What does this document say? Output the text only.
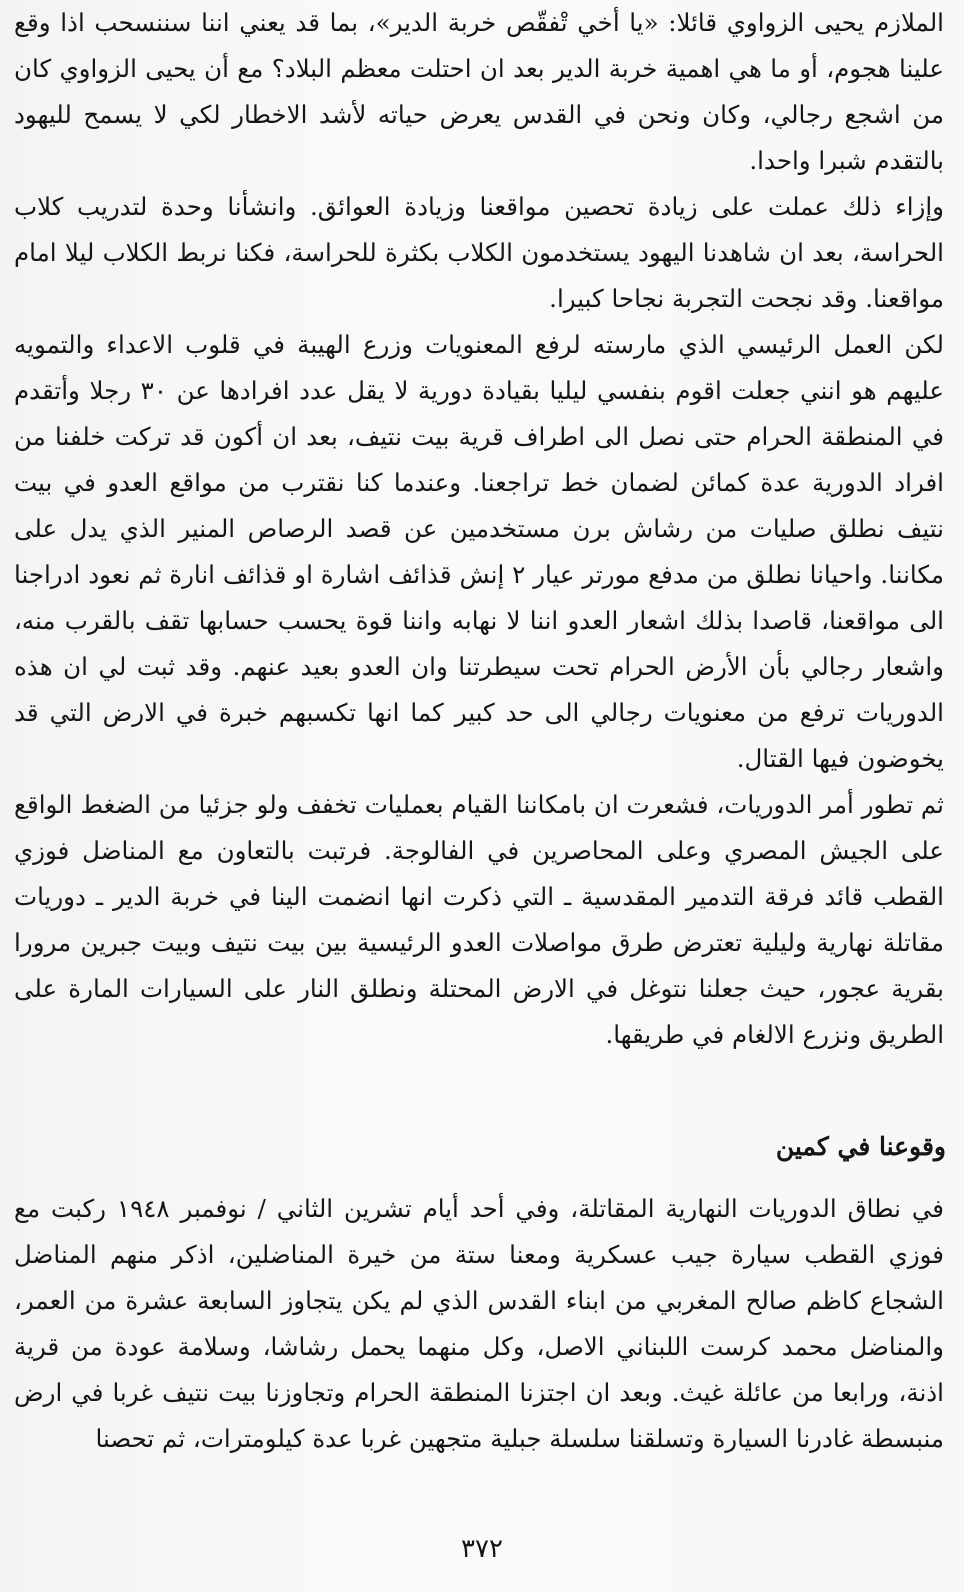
الملازم يحيى الزواوي قائلا: «يا أخي تْفقّص خربة الدير»، بما قد يعني اننا سننسحب اذا وقع علينا هجوم، أو ما هي اهمية خربة الدير بعد ان احتلت معظم البلاد؟ مع أن يحيى الزواوي كان من اشجع رجالي، وكان ونحن في القدس يعرض حياته لأشد الاخطار لكي لا يسمح لليهود بالتقدم شبرا واحدا.

وإزاء ذلك عملت على زيادة تحصين مواقعنا وزيادة العوائق. وانشأنا وحدة لتدريب كلاب الحراسة، بعد ان شاهدنا اليهود يستخدمون الكلاب بكثرة للحراسة، فكنا نربط الكلاب ليلا امام مواقعنا. وقد نجحت التجربة نجاحا كبيرا.

لكن العمل الرئيسي الذي مارسته لرفع المعنويات وزرع الهيبة في قلوب الاعداء والتمويه عليهم هو انني جعلت اقوم بنفسي ليليا بقيادة دورية لا يقل عدد افرادها عن ٣٠ رجلا وأتقدم في المنطقة الحرام حتى نصل الى اطراف قرية بيت نتيف، بعد ان أكون قد تركت خلفنا من افراد الدورية عدة كمائن لضمان خط تراجعنا. وعندما كنا نقترب من مواقع العدو في بيت نتيف نطلق صليات من رشاش برن مستخدمين عن قصد الرصاص المنير الذي يدل على مكاننا. واحيانا نطلق من مدفع مورتر عيار ٢ إنش قذائف اشارة او قذائف انارة ثم نعود ادراجنا الى مواقعنا، قاصدا بذلك اشعار العدو اننا لا نهابه واننا قوة يحسب حسابها تقف بالقرب منه، واشعار رجالي بأن الأرض الحرام تحت سيطرتنا وان العدو بعيد عنهم. وقد ثبت لي ان هذه الدوريات ترفع من معنويات رجالي الى حد كبير كما انها تكسبهم خبرة في الارض التي قد يخوضون فيها القتال.

ثم تطور أمر الدوريات، فشعرت ان بامكاننا القيام بعمليات تخفف ولو جزئيا من الضغط الواقع على الجيش المصري وعلى المحاصرين في الفالوجة. فرتبت بالتعاون مع المناضل فوزي القطب قائد فرقة التدمير المقدسية ـ التي ذكرت انها انضمت الينا في خربة الدير ـ دوريات مقاتلة نهارية وليلية تعترض طرق مواصلات العدو الرئيسية بين بيت نتيف وبيت جبرين مرورا بقرية عجور، حيث جعلنا نتوغل في الارض المحتلة ونطلق النار على السيارات المارة على الطريق ونزرع الالغام في طريقها.

وقوعنا في كمين

في نطاق الدوريات النهارية المقاتلة، وفي أحد أيام تشرين الثاني / نوفمبر ١٩٤٨ ركبت مع فوزي القطب سيارة جيب عسكرية ومعنا ستة من خيرة المناضلين، اذكر منهم المناضل الشجاع كاظم صالح المغربي من ابناء القدس الذي لم يكن يتجاوز السابعة عشرة من العمر، والمناضل محمد كرست اللبناني الاصل، وكل منهما يحمل رشاشا، وسلامة عودة من قرية اذنة، ورابعا من عائلة غيث. وبعد ان اجتزنا المنطقة الحرام وتجاوزنا بيت نتيف غربا في ارض منبسطة غادرنا السيارة وتسلقنا سلسلة جبلية متجهين غربا عدة كيلومترات، ثم تحصنا

٣٧٢
